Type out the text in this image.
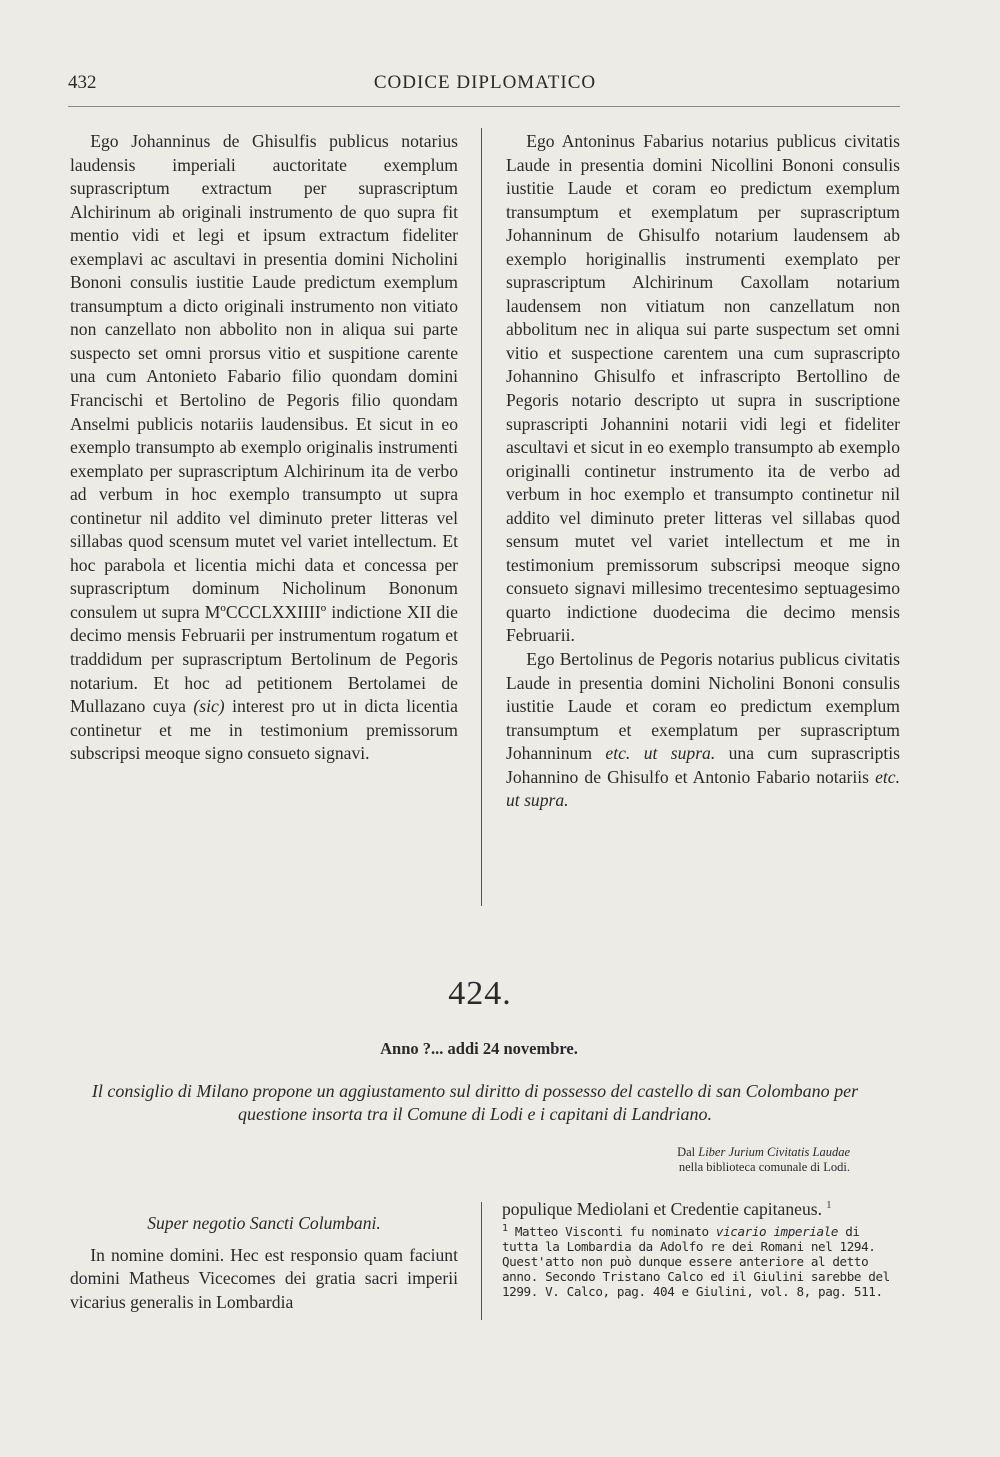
432	CODICE DIPLOMATICO

Ego Johanninus de Ghisulfis publicus notarius laudensis imperiali auctoritate exemplum suprascriptum extractum per suprascriptum Alchirinum ab originali instrumento de quo supra fit mentio vidi et legi et ipsum extractum fideliter exemplavi ac ascultavi in presentia domini Nicholini Bononi consulis iustitie Laude predictum exemplum transumptum a dicto originali instrumento non vitiato non canzellato non abbolito non in aliqua sui parte suspecto set omni prorsus vitio et suspitione carente una cum Antonieto Fabario filio quondam domini Francischi et Bertolino de Pegoris filio quondam Anselmi publicis notariis laudensibus. Et sicut in eo exemplo transumpto ab exemplo originalis instrumenti exemplato per suprascriptum Alchirinum ita de verbo ad verbum in hoc exemplo transumpto ut supra continetur nil addito vel diminuto preter litteras vel sillabas quod scensum mutet vel variet intellectum. Et hoc parabola et licentia michi data et concessa per suprascriptum dominum Nicholinum Bononum consulem ut supra MºCCCLXXIIIIº indictione XII die decimo mensis Februarii per instrumentum rogatum et traddidum per suprascriptum Bertolinum de Pegoris notarium. Et hoc ad petitionem Bertolamei de Mullazano cuya (sic) interest pro ut in dicta licentia continetur et me in testimonium premissorum subscripsi meoque signo consueto signavi.

Ego Antoninus Fabarius notarius publicus civitatis Laude in presentia domini Nicollini Bononi consulis iustitie Laude et coram eo predictum exemplum transumptum et exemplatum per suprascriptum Johanninum de Ghisulfo notarium laudensem ab exemplo horiginallis instrumenti exemplato per suprascriptum Alchirinum Caxollam notarium laudensem non vitiatum non canzellatum non abbolitum nec in aliqua sui parte suspectum set omni vitio et suspectione carentem una cum suprascripto Johannino Ghisulfo et infrascripto Bertollino de Pegoris notario descripto ut supra in suscriptione suprascripti Johannini notarii vidi legi et fideliter ascultavi et sicut in eo exemplo transumpto ab exemplo originalli continetur instrumento ita de verbo ad verbum in hoc exemplo et transumpto continetur nil addito vel diminuto preter litteras vel sillabas quod sensum mutet vel variet intellectum et me in testimonium premissorum subscripsi meoque signo consueto signavi millesimo trecentesimo septuagesimo quarto indictione duodecima die decimo mensis Februarii.

Ego Bertolinus de Pegoris notarius publicus civitatis Laude in presentia domini Nicholini Bononi consulis iustitie Laude et coram eo predictum exemplum transumptum et exemplatum per suprascriptum Johanninum etc. ut supra. una cum suprascriptis Johannino de Ghisulfo et Antonio Fabario notariis etc. ut supra.

424.
Anno ?... addi 24 novembre.
Il consiglio di Milano propone un aggiustamento sul diritto di possesso del castello di san Colombano per questione insorta tra il Comune di Lodi e i capitani di Landriano.
Dal Liber Jurium Civitatis Laudae
nella biblioteca comunale di Lodi.

Super negotio Sancti Columbani.

In nomine domini. Hec est responsio quam faciunt domini Matheus Vicecomes dei gratia sacri imperii vicarius generalis in Lombardia

populique Mediolani et Credentie capitaneus. $^1$

$^1$ Matteo Visconti fu nominato vicario imperiale di tutta la Lombardia da Adolfo re dei Romani nel 1294. Quest'atto non può dunque essere anteriore al detto anno. Secondo Tristano Calco ed il Giulini sarebbe del 1299. V. Calco, pag. 404 e Giulini, vol. 8, pag. 511.
